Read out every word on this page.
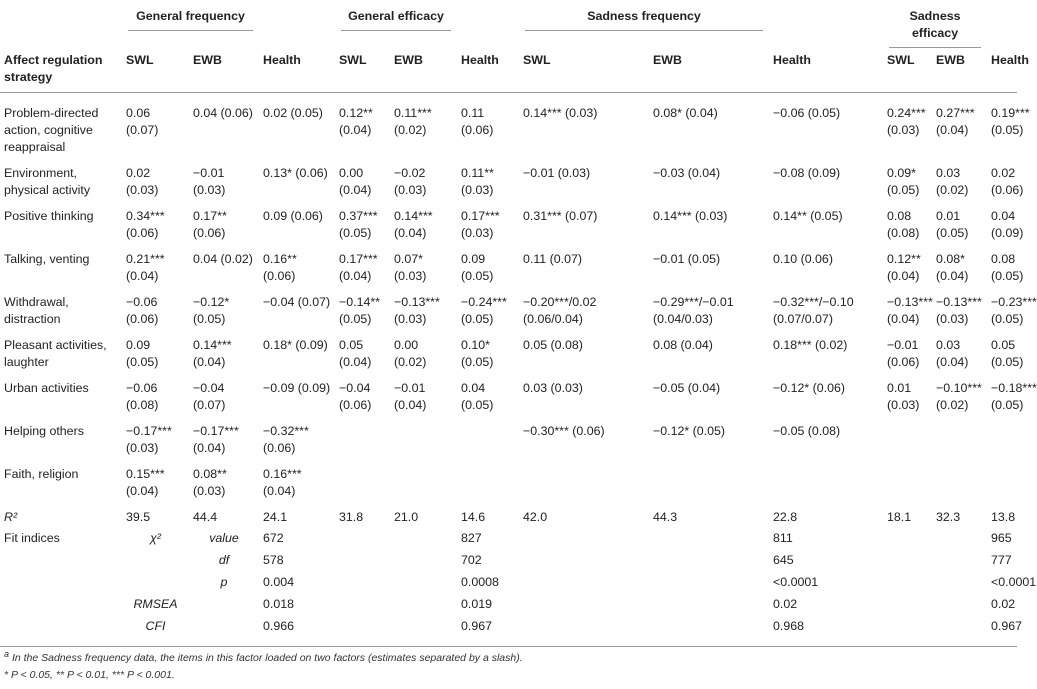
	General frequency			General efficacy			Sadness frequency			Sadness efficacy		

Affect regulation strategy	SWL	EWB	Health	SWL	EWB	Health	SWL	EWB	Health	SWL	EWB	Health
Problem-directed action, cognitive reappraisal	0.06 (0.07)	0.04 (0.06)	0.02 (0.05)	0.12** (0.04)	0.11*** (0.02)	0.11 (0.06)	0.14*** (0.03)	0.08* (0.04)	−0.06 (0.05)	0.24*** (0.03)	0.27*** (0.04)	0.19*** (0.05)
Environment, physical activity	0.02 (0.03)	−0.01 (0.03)	0.13* (0.06)	0.00 (0.04)	−0.02 (0.03)	0.11** (0.03)	−0.01 (0.03)	−0.03 (0.04)	−0.08 (0.09)	0.09* (0.05)	0.03 (0.02)	0.02 (0.06)
Positive thinking	0.34*** (0.06)	0.17** (0.06)	0.09 (0.06)	0.37*** (0.05)	0.14*** (0.04)	0.17*** (0.03)	0.31*** (0.07)	0.14*** (0.03)	0.14** (0.05)	0.08 (0.08)	0.01 (0.05)	0.04 (0.09)
Talking, venting	0.21*** (0.04)	0.04 (0.02)	0.16** (0.06)	0.17*** (0.04)	0.07* (0.03)	0.09 (0.05)	0.11 (0.07)	−0.01 (0.05)	0.10 (0.06)	0.12** (0.04)	0.08* (0.04)	0.08 (0.05)
Withdrawal, distraction	−0.06 (0.06)	−0.12* (0.05)	−0.04 (0.07)	−0.14** (0.05)	−0.13*** (0.03)	−0.24*** (0.05)	−0.20***/0.02 (0.06/0.04)	−0.29***/−0.01 (0.04/0.03)	−0.32***/−0.10 (0.07/0.07)	−0.13*** (0.04)	−0.13*** (0.03)	−0.23*** (0.05)
Pleasant activities, laughter	0.09 (0.05)	0.14*** (0.04)	0.18* (0.09)	0.05 (0.04)	0.00 (0.02)	0.10* (0.05)	0.05 (0.08)	0.08 (0.04)	0.18*** (0.02)	−0.01 (0.06)	0.03 (0.04)	0.05 (0.05)
Urban activities	−0.06 (0.08)	−0.04 (0.07)	−0.09 (0.09)	−0.04 (0.06)	−0.01 (0.04)	0.04 (0.05)	0.03 (0.03)	−0.05 (0.04)	−0.12* (0.06)	0.01 (0.03)	−0.10*** (0.02)	−0.18*** (0.05)
Helping others	−0.17*** (0.03)	−0.17*** (0.04)	−0.32*** (0.06)				−0.30*** (0.06)	−0.12* (0.05)	−0.05 (0.08)			
Faith, religion	0.15*** (0.04)	0.08** (0.03)	0.16*** (0.04)									
R²	39.5	44.4	24.1	31.8	21.0	14.6	42.0	44.3	22.8	18.1	32.3	13.8
Fit indices	χ²	value	672			827			811			965
		df	578			702			645			777
		p	0.004			0.0008			<0.0001			<0.0001
	RMSEA		0.018			0.019			0.02			0.02
	CFI		0.966			0.967			0.968			0.967
a In the Sadness frequency data, the items in this factor loaded on two factors (estimates separated by a slash).
* P < 0.05, ** P < 0.01, *** P < 0.001.
